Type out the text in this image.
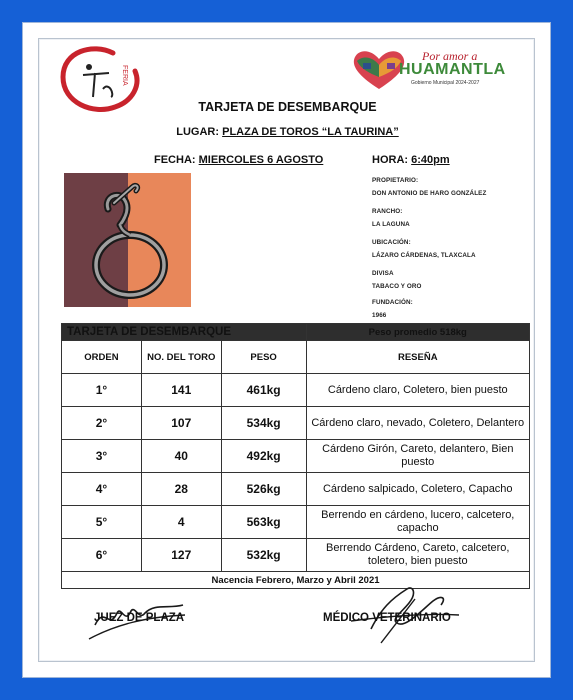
FERIA
Por amor a
HUAMANTLA
Gobierno Municipal 2024-2027
TARJETA DE DESEMBARQUE
LUGAR: PLAZA DE TOROS “LA TAURINA”
FECHA: MIERCOLES 6 AGOSTO	HORA: 6:40pm
PROPIETARIO:
DON ANTONIO DE HARO GONZÁLEZ
RANCHO:
LA LAGUNA
UBICACIÓN:
LÁZARO CÁRDENAS, TLAXCALA
DIVISA
TABACO Y ORO
FUNDACIÓN:
1966
TARJETA DE DESEMBARQUE			Peso promedio 518kg
ORDEN	NO. DEL TORO	PESO	RESEÑA
1°	141	461kg	Cárdeno claro, Coletero, bien puesto
2°	107	534kg	Cárdeno claro, nevado, Coletero, Delantero
3°	40	492kg	Cárdeno Girón, Careto, delantero, Bien puesto
4°	28	526kg	Cárdeno salpicado, Coletero, Capacho
5°	4	563kg	Berrendo en cárdeno, lucero, calcetero, capacho
6°	127	532kg	Berrendo Cárdeno, Careto, calcetero, toletero, bien puesto
Nacencia Febrero, Marzo y Abril 2021			
JUEZ DE PLAZA	MÉDICO VETERINARIO
